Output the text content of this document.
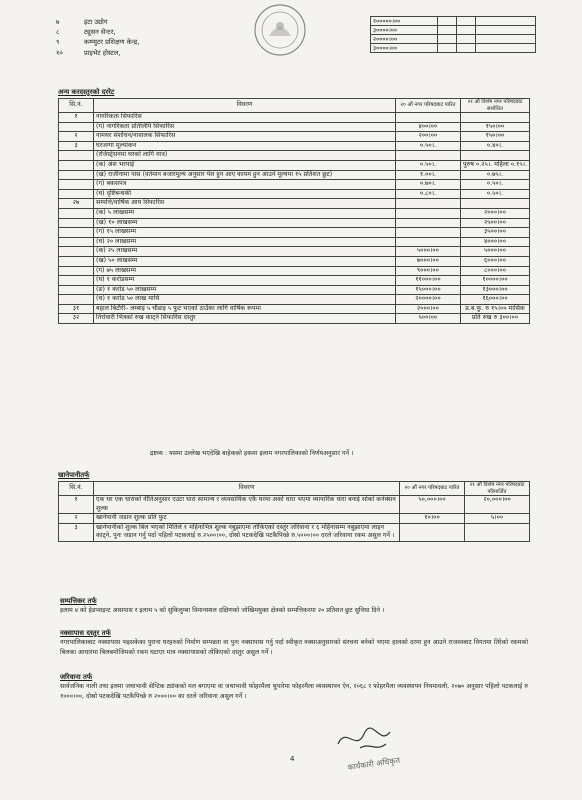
७	इटा उद्योग
८	ट्युसन सेन्टर,
९	कम्प्युटर प्रशिक्षण केन्द्र,
१०	प्राइभेट होस्टल,
१०००००।००			
३००००।००			
२००००।००			
३००००।००			
अन्य करदस्तुरको दररेट
सि.नं.	विवरण	२० औं नगर परिषदबाट पारित	२१ औं विशेष नगर परिषदबाट संशोधित
१	नागरिकता सिफारिस		
	(ग) नागरिकता प्रतिलिपि सिफारिस	४००।००	१५०।००
२	नामथर संशोधन/नावालक सिफारिस	२००।००	१५०।००
३	घरजग्गा मूल्यांकन	०.५०।.	०.४०।.
	(रजिस्ट्रेसनमा घरको लागि मात्र)		
	(क) अंश भरपाई	०.५०।.	पुरुष ०.२५।. महिला ०.१५।.
	(ख) राजीनामा पास (वर्तमान बजारमूल्य अनुसार पेश हुन आए कायम हुन आउने मूल्यमा १५ प्रतिशत छुट)	१.००।.	०.७५।.
	(ग) बकसपत्र	०.७०।.	०.५०।.
	(घ) दृष्टिबन्धकी	०.८०।.	०.५०।.
२७	सम्पत्ति/वार्षिक आय सिफारिस		
	(क) ५ लाखसम्म		२०००।००
	(ख) १० लाखसम्म		२५००।००
	(ग) १५ लाखसम्म		३५००।००
	(घ) २० लाखसम्म		४०००।००
	(क) २५ लाखसम्म	५०००।००	५०००।००
	(ख) ५० लाखसम्म	७०००।००	६०००।००
	(ग) ७५ लाखसम्म	९०००।००	८०००।००
	(घ) १ करोडसम्म	११०००।००	१००००।००
	(ङ) १ करोड ५० लाखसम्म	१५०००।००	१३०००।००
	(च) १ करोड ५० लाख माथि	२००००।००	१६०००।००
३१	बहाल बिटौरी– लम्बाइ ५ चौडाइ ५ फुट भएको ठाउँका लागि वार्षिक रूपमा	२०००।००	प्र.ब.फु. रु १५।०० मासिक
३२	तिरोवारी भित्रको रुख काट्ने सिफारिस दस्तुर	५००।००	प्रति रुख रु ३००।००
द्रष्टव्य : यसमा उल्लेख भएदेखि बाहेकको हकमा इलाम नगरपालिकाको निर्णयअनुसार गर्ने ।
खानेपानीतर्फ
सि.नं.	विवरण	२० औं नगर परिषदबाट पारित	२१ औं विशेष नगर परिषदबाट परिमार्जित
१	एक घर एक धाराको नीतिअनुसार एउटा धारा सामान्य र व्यवसायिक एकै घरमा अर्को धारा भएमा व्यापारिक धारा बनाई सोको कनेक्सन शुल्क	५०,०००।००	२०,०००।००
२	खानेपानी जडान शुल्क प्रति फुट	१०।००	५।००
३	खानेपानीको शुल्क बिल भएको मितिले १ महिनाभित्र शुल्क नबुझाएमा तोकिएको दस्तुर जरिवाना र ६ महिनासम्म नबुझाएमा लाइन काट्ने, पुनः जडान गर्नु पर्दा पहिलो पटकलाई रु.२५००।००, दोस्रो पटकदेखि पटकैपिच्छे रु.५०००।०० दरले जरिवाना रकम असुल गर्ने ।		
सम्पत्तिकर तर्फ
इलाम ४ को हेडप्वाइन्ट आसपास र इलाम ५ को सुकिलुम्बा विमानस्थल दक्षिणको जोखिमयुक्त क्षेत्रको सम्पत्तिकरमा २० प्रतिशत छुट सुविधा दिने ।
नक्सापास दस्तुर तर्फ
नगरपालिकाबाट नक्सापास भइसकेका पुराना घरहरुको निर्माण सम्पन्नता वा पुनः नक्सापास गर्नु पर्दा स्वीकृत नक्साअनुसारको संरचना बनेको भएमा हालको दरमा हुन आउने राजस्वबाट विगतमा तिरेको रकमको बिलका आधारमा बिलबमोजिमको रकम घटाएर मात्र नक्सापासको तोकिएको दस्तुर असुल गर्ने ।
जरिवाना तर्फ
सार्वजनिक नाली तथा इलमा जथाभावी सेप्टिक ट्यांकको मल बगाएमा वा जथाभावी फोहरमैला थुपारेमा फोहरमैला व्यवस्थापन ऐन, २०६८ र फोहरमैला व्यवस्थापन नियमावली, २०७० अनुसार पहिलो पटकलाई रु १०००।००, दोस्रो पटकदेखि पटकैपिच्छे रु २०००।०० का दरले जरिवाना असुल गर्ने ।
कार्यकारी अधिकृत
4
